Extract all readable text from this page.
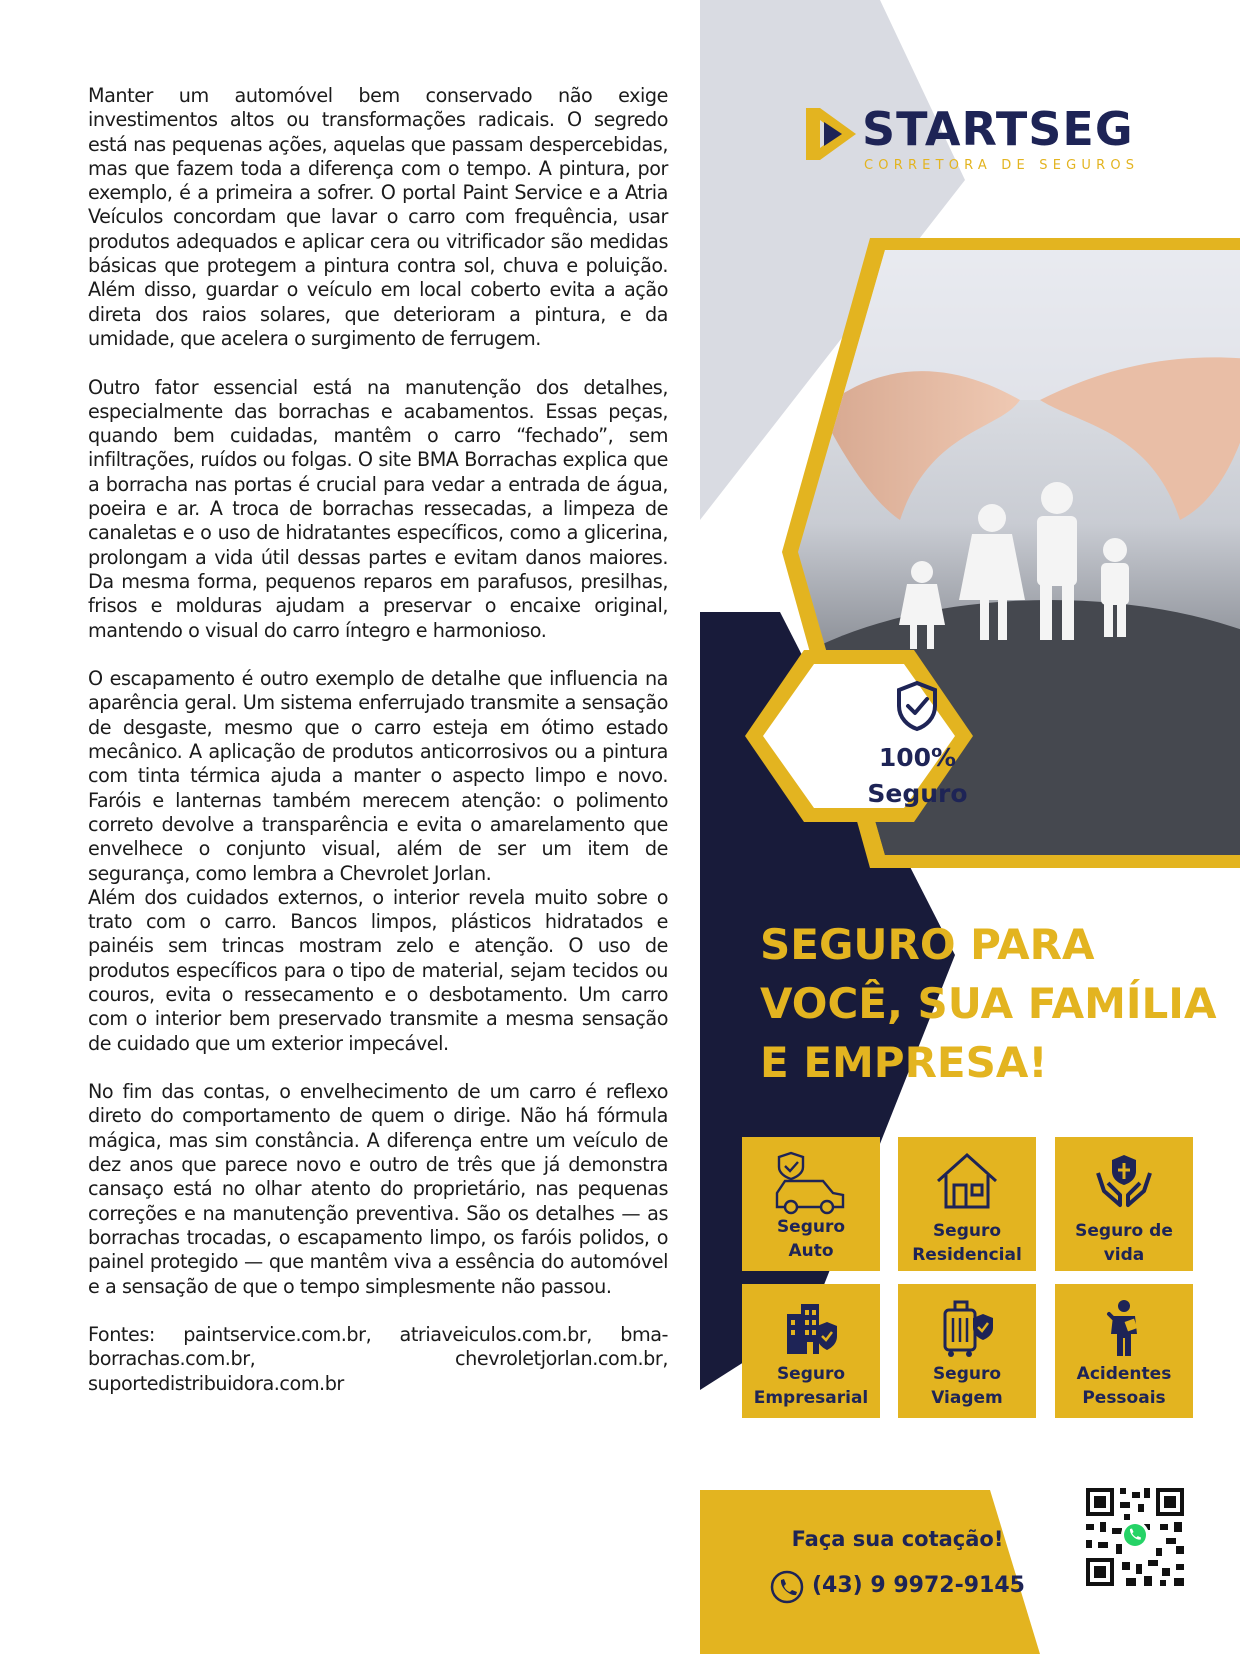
Manter um automóvel bem conservado não exige investimentos altos ou transformações radicais. O segredo está nas pequenas ações, aquelas que passam despercebidas, mas que fazem toda a diferença com o tempo. A pintura, por exemplo, é a primeira a sofrer. O portal Paint Service e a Atria Veículos concordam que lavar o carro com frequência, usar produtos adequados e aplicar cera ou vitrificador são medidas básicas que protegem a pintura contra sol, chuva e poluição. Além disso, guardar o veículo em local coberto evita a ação direta dos raios solares, que deterioram a pintura, e da umidade, que acelera o surgimento de ferrugem.

Outro fator essencial está na manutenção dos detalhes, especialmente das borrachas e acabamentos. Essas peças, quando bem cuidadas, mantêm o carro “fechado”, sem infiltrações, ruídos ou folgas. O site BMA Borrachas explica que a borracha nas portas é crucial para vedar a entrada de água, poeira e ar. A troca de borrachas ressecadas, a limpeza de canaletas e o uso de hidratantes específicos, como a glicerina, prolongam a vida útil dessas partes e evitam danos maiores. Da mesma forma, pequenos reparos em parafusos, presilhas, frisos e molduras ajudam a preservar o encaixe original, mantendo o visual do carro íntegro e harmonioso.

O escapamento é outro exemplo de detalhe que influencia na aparência geral. Um sistema enferrujado transmite a sensação de desgaste, mesmo que o carro esteja em ótimo estado mecânico. A aplicação de produtos anticorrosivos ou a pintura com tinta térmica ajuda a manter o aspecto limpo e novo. Faróis e lanternas também merecem atenção: o polimento correto devolve a transparência e evita o amarelamento que envelhece o conjunto visual, além de ser um item de segurança, como lembra a Chevrolet Jorlan.

Além dos cuidados externos, o interior revela muito sobre o trato com o carro. Bancos limpos, plásticos hidratados e painéis sem trincas mostram zelo e atenção. O uso de produtos específicos para o tipo de material, sejam tecidos ou couros, evita o ressecamento e o desbotamento. Um carro com o interior bem preservado transmite a mesma sensação de cuidado que um exterior impecável.

No fim das contas, o envelhecimento de um carro é reflexo direto do comportamento de quem o dirige. Não há fórmula mágica, mas sim constância. A diferença entre um veículo de dez anos que parece novo e outro de três que já demonstra cansaço está no olhar atento do proprietário, nas pequenas correções e na manutenção preventiva. São os detalhes — as borrachas trocadas, o escapamento limpo, os faróis polidos, o painel protegido — que mantêm viva a essência do automóvel e a sensação de que o tempo simplesmente não passou.

Fontes: paintservice.com.br, atriaveiculos.com.br, bma-borrachas.com.br, chevroletjorlan.com.br, suportedistribuidora.com.br

STARTSEG
CORRETORA DE SEGUROS
100%
Seguro
SEGURO PARA
VOCÊ, SUA FAMÍLIA
E EMPRESA!
Seguro
Auto
Seguro
Residencial
Seguro de
vida
Seguro
Empresarial
Seguro
Viagem
Acidentes
Pessoais
Faça sua cotação!
(43) 9 9972-9145
